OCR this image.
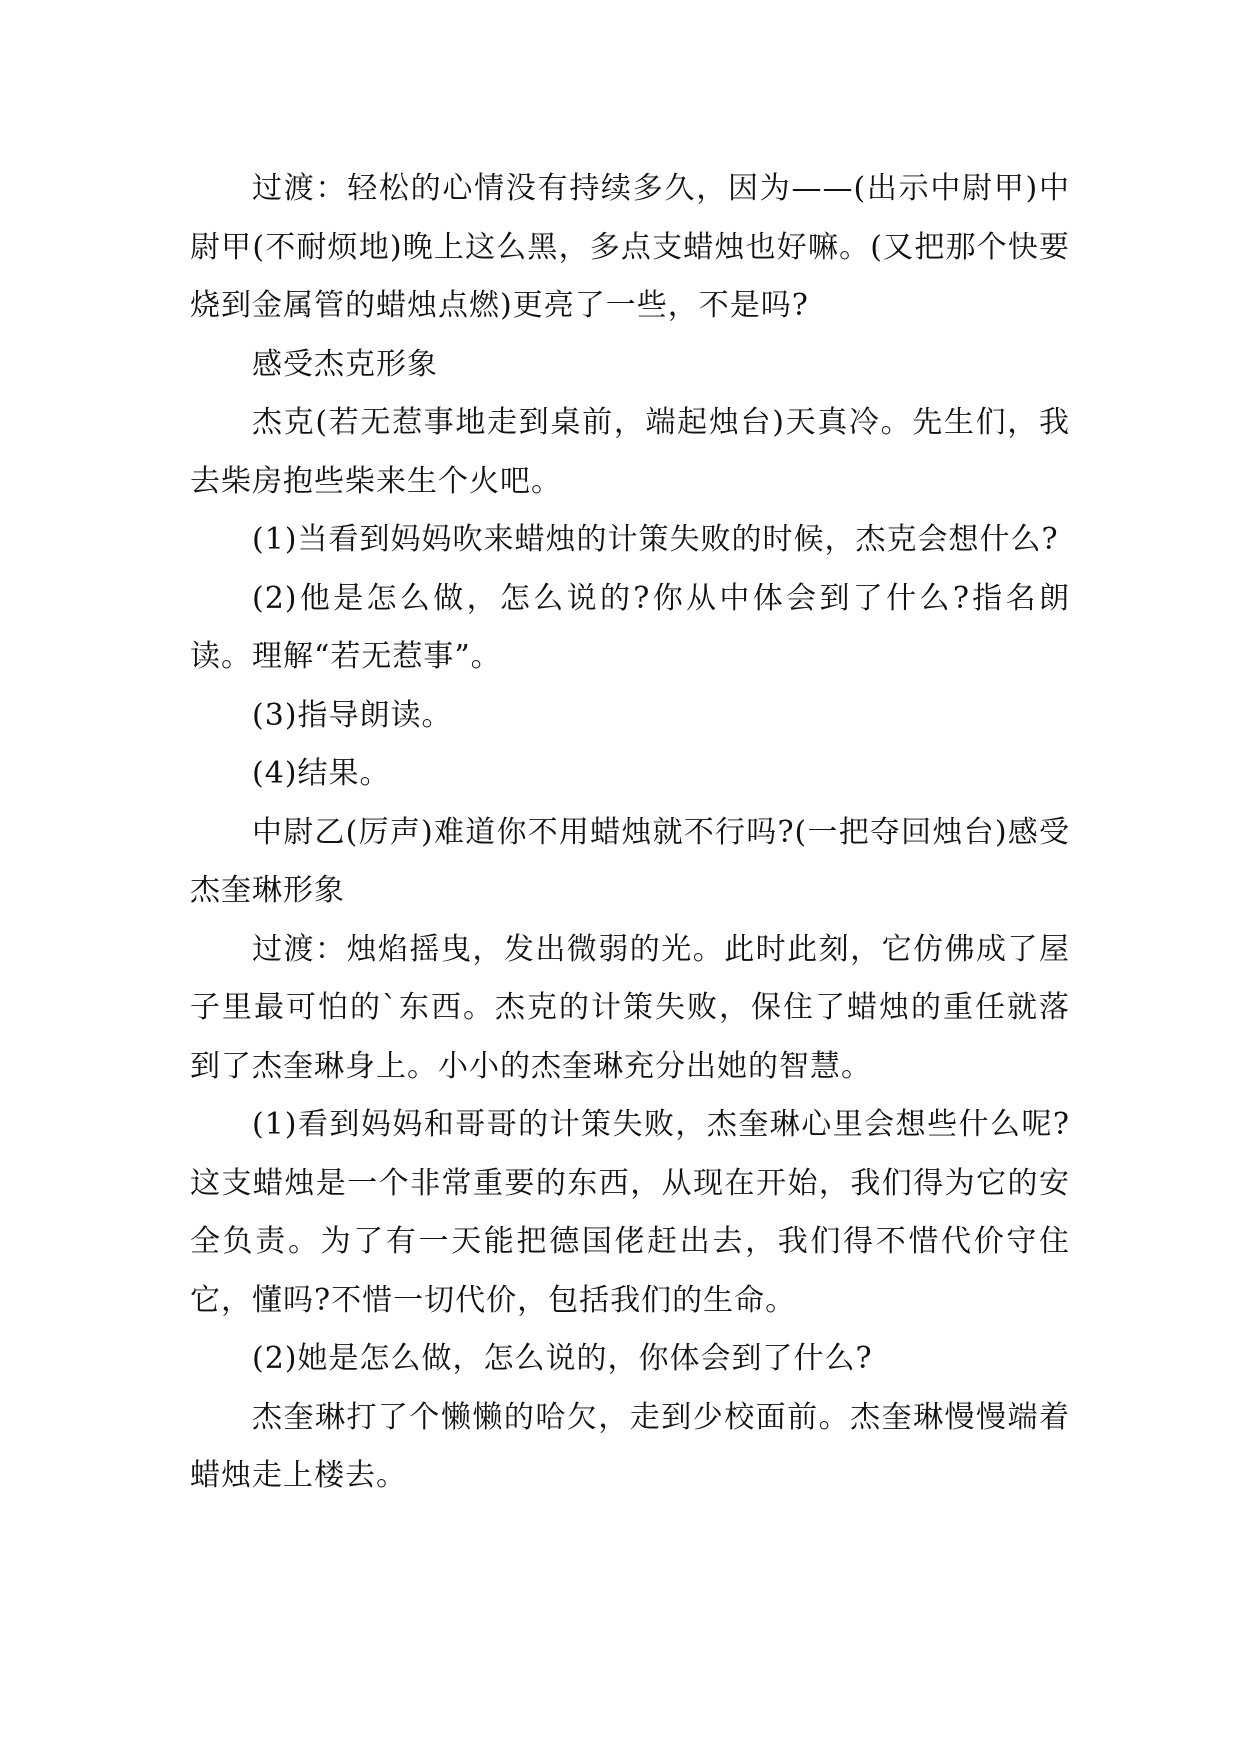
过渡：轻松的心情没有持续多久，因为——(出示中尉甲)中尉甲(不耐烦地)晚上这么黑，多点支蜡烛也好嘛。(又把那个快要烧到金属管的蜡烛点燃)更亮了一些，不是吗?

感受杰克形象

杰克(若无惹事地走到桌前，端起烛台)天真冷。先生们，我去柴房抱些柴来生个火吧。

(1)当看到妈妈吹来蜡烛的计策失败的时候，杰克会想什么?

(2)他是怎么做，怎么说的?你从中体会到了什么?指名朗读。理解“若无惹事”。

(3)指导朗读。

(4)结果。

中尉乙(厉声)难道你不用蜡烛就不行吗?(一把夺回烛台)感受杰奎琳形象

过渡：烛焰摇曳，发出微弱的光。此时此刻，它仿佛成了屋子里最可怕的`东西。杰克的计策失败，保住了蜡烛的重任就落到了杰奎琳身上。小小的杰奎琳充分出她的智慧。

(1)看到妈妈和哥哥的计策失败，杰奎琳心里会想些什么呢?这支蜡烛是一个非常重要的东西，从现在开始，我们得为它的安全负责。为了有一天能把德国佬赶出去，我们得不惜代价守住它，懂吗?不惜一切代价，包括我们的生命。

(2)她是怎么做，怎么说的，你体会到了什么?

杰奎琳打了个懒懒的哈欠，走到少校面前。杰奎琳慢慢端着蜡烛走上楼去。
